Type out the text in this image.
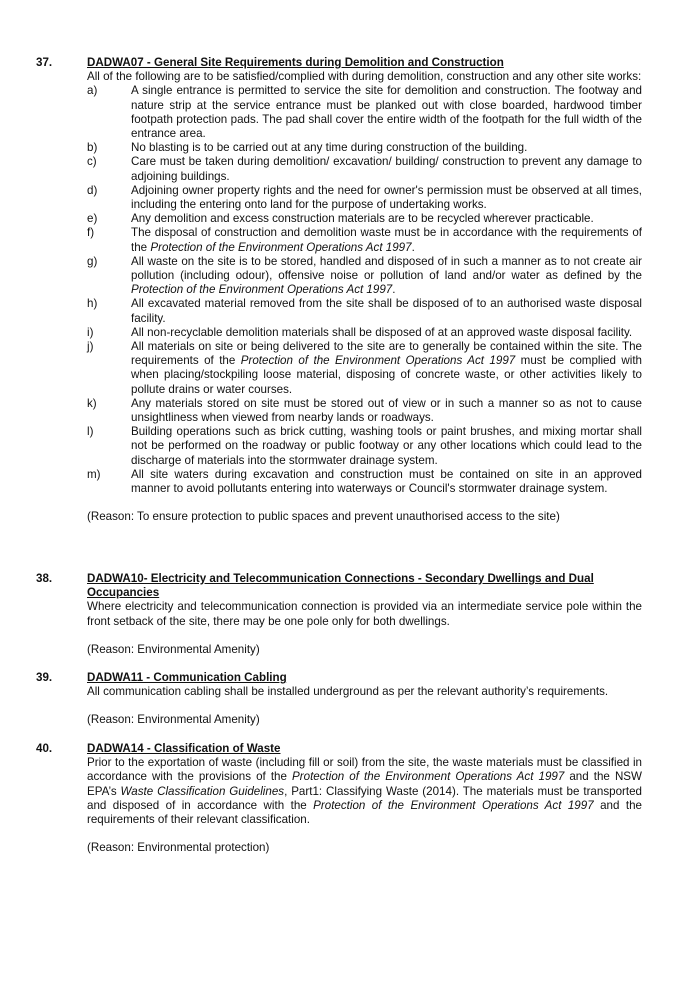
37.	DADWA07 - General Site Requirements during Demolition and Construction
All of the following are to be satisfied/complied with during demolition, construction and any other site works:
a)	A single entrance is permitted to service the site for demolition and construction. The footway and nature strip at the service entrance must be planked out with close boarded, hardwood timber footpath protection pads. The pad shall cover the entire width of the footpath for the full width of the entrance area.
b)	No blasting is to be carried out at any time during construction of the building.
c)	Care must be taken during demolition/ excavation/ building/ construction to prevent any damage to adjoining buildings.
d)	Adjoining owner property rights and the need for owner's permission must be observed at all times, including the entering onto land for the purpose of undertaking works.
e)	Any demolition and excess construction materials are to be recycled wherever practicable.
f)	The disposal of construction and demolition waste must be in accordance with the requirements of the Protection of the Environment Operations Act 1997.
g)	All waste on the site is to be stored, handled and disposed of in such a manner as to not create air pollution (including odour), offensive noise or pollution of land and/or water as defined by the Protection of the Environment Operations Act 1997.
h)	All excavated material removed from the site shall be disposed of to an authorised waste disposal facility.
i)	All non-recyclable demolition materials shall be disposed of at an approved waste disposal facility.
j)	All materials on site or being delivered to the site are to generally be contained within the site. The requirements of the Protection of the Environment Operations Act 1997 must be complied with when placing/stockpiling loose material, disposing of concrete waste, or other activities likely to pollute drains or water courses.
k)	Any materials stored on site must be stored out of view or in such a manner so as not to cause unsightliness when viewed from nearby lands or roadways.
l)	Building operations such as brick cutting, washing tools or paint brushes, and mixing mortar shall not be performed on the roadway or public footway or any other locations which could lead to the discharge of materials into the stormwater drainage system.
m)	All site waters during excavation and construction must be contained on site in an approved manner to avoid pollutants entering into waterways or Council's stormwater drainage system.
(Reason: To ensure protection to public spaces and prevent unauthorised access to the site)
38.	DADWA10- Electricity and Telecommunication Connections - Secondary Dwellings and Dual Occupancies
Where electricity and telecommunication connection is provided via an intermediate service pole within the front setback of the site, there may be one pole only for both dwellings.
(Reason: Environmental Amenity)
39.	DADWA11 - Communication Cabling
All communication cabling shall be installed underground as per the relevant authority’s requirements.
(Reason: Environmental Amenity)
40.	DADWA14 - Classification of Waste
Prior to the exportation of waste (including fill or soil) from the site, the waste materials must be classified in accordance with the provisions of the Protection of the Environment Operations Act 1997 and the NSW EPA’s Waste Classification Guidelines, Part1: Classifying Waste (2014). The materials must be transported and disposed of in accordance with the Protection of the Environment Operations Act 1997 and the requirements of their relevant classification.
(Reason: Environmental protection)
